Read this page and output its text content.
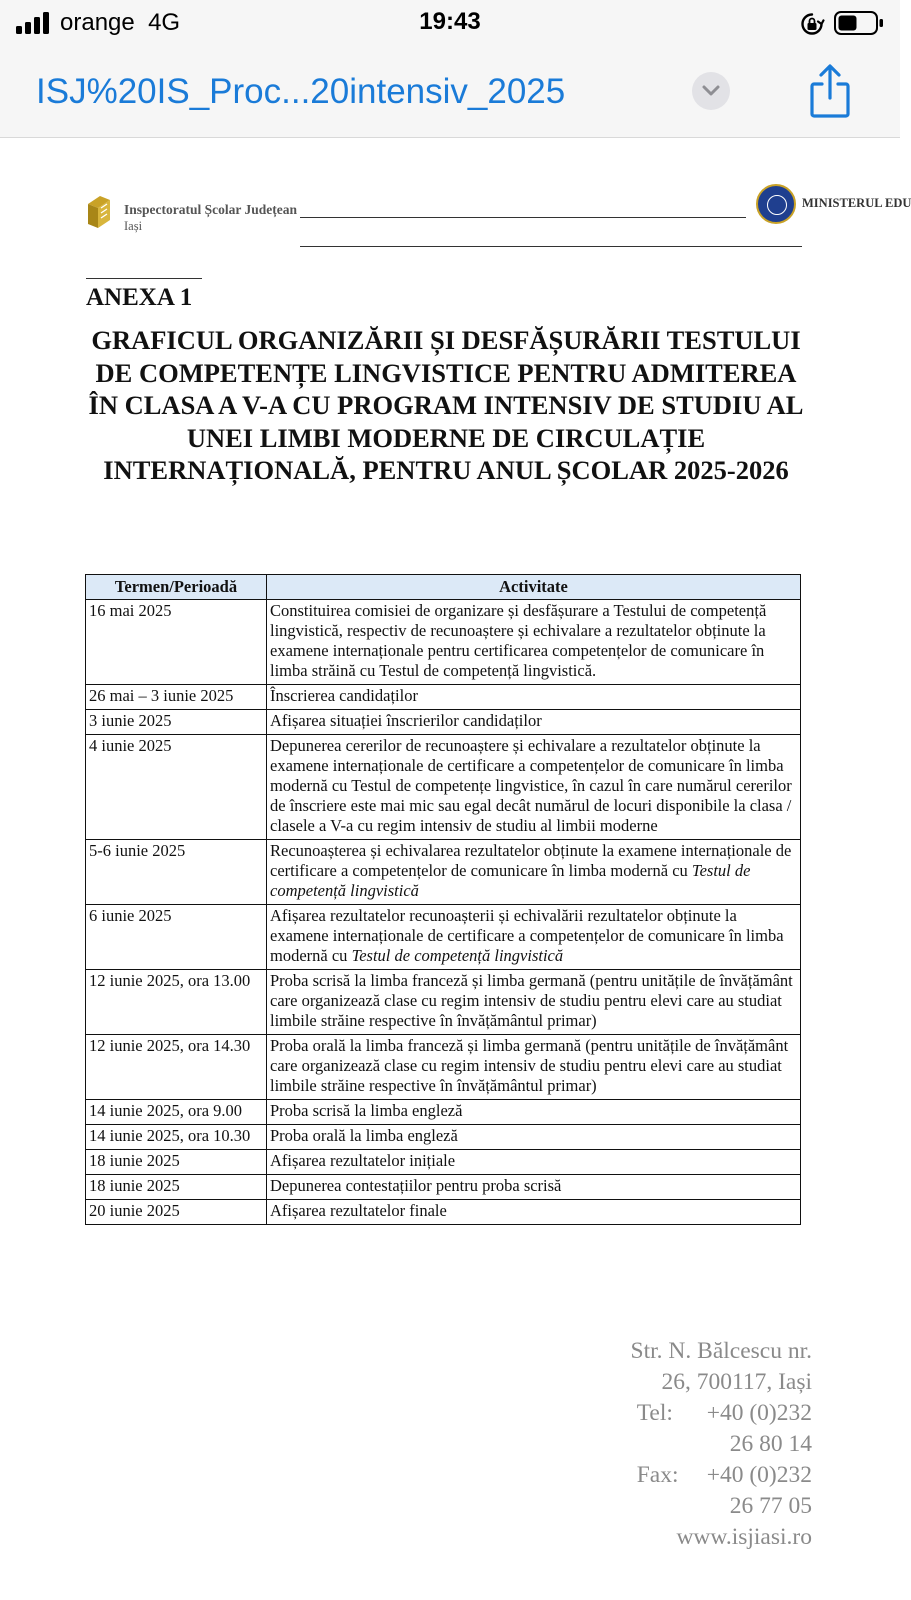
orange 4G	19:43
ISJ%20IS_Proc...20intensiv_2025
Inspectoratul Școlar Județean
Iași
MINISTERUL EDU
ANEXA 1
GRAFICUL ORGANIZĂRII ȘI DESFĂȘURĂRII TESTULUI DE COMPETENȚE LINGVISTICE PENTRU ADMITEREA ÎN CLASA A V-A CU PROGRAM INTENSIV DE STUDIU AL UNEI LIMBI MODERNE DE CIRCULAȚIE INTERNAȚIONALĂ, PENTRU ANUL ȘCOLAR 2025-2026
Termen/Perioadă	Activitate
16 mai 2025	Constituirea comisiei de organizare și desfășurare a Testului de competență lingvistică, respectiv de recunoaștere și echivalare a rezultatelor obținute la examene internaționale pentru certificarea competențelor de comunicare în limba străină cu Testul de competență lingvistică.
26 mai – 3 iunie 2025	Înscrierea candidaților
3 iunie 2025	Afișarea situației înscrierilor candidaților
4 iunie 2025	Depunerea cererilor de recunoaștere și echivalare a rezultatelor obținute la examene internaționale de certificare a competențelor de comunicare în limba modernă cu Testul de competențe lingvistice, în cazul în care numărul cererilor de înscriere este mai mic sau egal decât numărul de locuri disponibile la clasa / clasele a V-a cu regim intensiv de studiu al limbii moderne
5-6 iunie 2025	Recunoașterea și echivalarea rezultatelor obținute la examene internaționale de certificare a competențelor de comunicare în limba modernă cu Testul de competență lingvistică
6 iunie 2025	Afișarea rezultatelor recunoașterii și echivalării rezultatelor obținute la examene internaționale de certificare a competențelor de comunicare în limba modernă cu Testul de competență lingvistică
12 iunie 2025, ora 13.00	Proba scrisă la limba franceză și limba germană (pentru unitățile de învățământ care organizează clase cu regim intensiv de studiu pentru elevi care au studiat limbile străine respective în învățământul primar)
12 iunie 2025, ora 14.30	Proba orală la limba franceză și limba germană (pentru unitățile de învățământ care organizează clase cu regim intensiv de studiu pentru elevi care au studiat limbile străine respective în învățământul primar)
14 iunie 2025, ora 9.00	Proba scrisă la limba engleză
14 iunie 2025, ora 10.30	Proba orală la limba engleză
18 iunie 2025	Afișarea rezultatelor inițiale
18 iunie 2025	Depunerea contestațiilor pentru proba scrisă
20 iunie 2025	Afișarea rezultatelor finale
Str. N. Bălcescu nr.
26, 700117, Iași
Tel: +40 (0)232
26 80 14
Fax: +40 (0)232
26 77 05
www.isjiasi.ro
